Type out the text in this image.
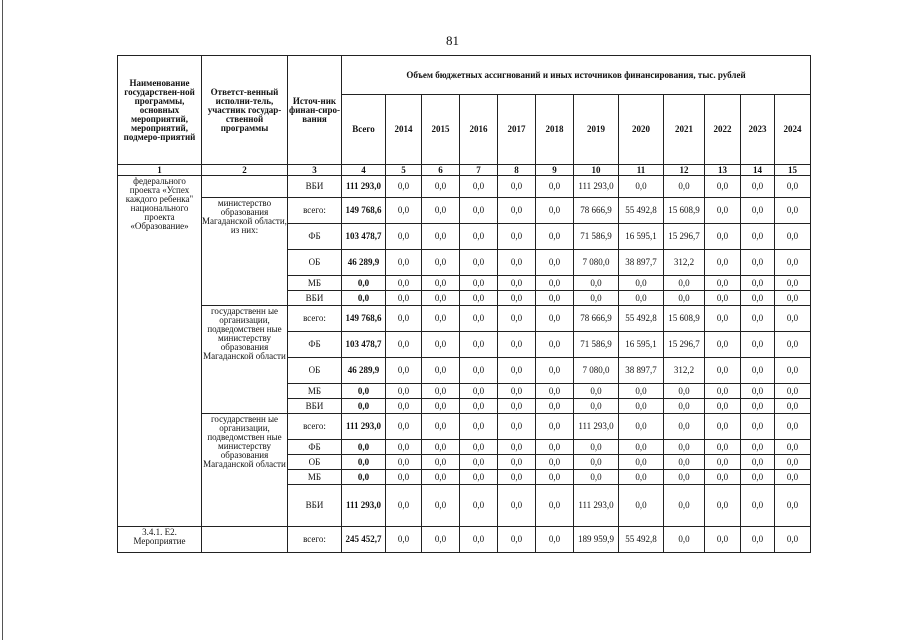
81
Наименование государствен-ной программы, основных мероприятий, мероприятий, подмеро-приятий	Ответст-венный исполни-тель, участник государ-ственной программы	Источ-ник финан-сиро-вания	Объем бюджетных ассигнований и иных источников финансирования, тыс. рублей											
			Всего	2014	2015	2016	2017	2018	2019	2020	2021	2022	2023	2024
1	2	3	4	5	6	7	8	9	10	11	12	13	14	15
федерального проекта «Успех каждого ребенка" национального проекта «Образование»		ВБИ	111 293,0	0,0	0,0	0,0	0,0	0,0	111 293,0	0,0	0,0	0,0	0,0	0,0
	министерство образования Магаданской области, из них:	всего:	149 768,6	0,0	0,0	0,0	0,0	0,0	78 666,9	55 492,8	15 608,9	0,0	0,0	0,0
		ФБ	103 478,7	0,0	0,0	0,0	0,0	0,0	71 586,9	16 595,1	15 296,7	0,0	0,0	0,0
		ОБ	46 289,9	0,0	0,0	0,0	0,0	0,0	7 080,0	38 897,7	312,2	0,0	0,0	0,0
		МБ	0,0	0,0	0,0	0,0	0,0	0,0	0,0	0,0	0,0	0,0	0,0	0,0
		ВБИ	0,0	0,0	0,0	0,0	0,0	0,0	0,0	0,0	0,0	0,0	0,0	0,0
	государственн ые организации, подведомствен ные министерству образования Магаданской области	всего:	149 768,6	0,0	0,0	0,0	0,0	0,0	78 666,9	55 492,8	15 608,9	0,0	0,0	0,0
		ФБ	103 478,7	0,0	0,0	0,0	0,0	0,0	71 586,9	16 595,1	15 296,7	0,0	0,0	0,0
		ОБ	46 289,9	0,0	0,0	0,0	0,0	0,0	7 080,0	38 897,7	312,2	0,0	0,0	0,0
		МБ	0,0	0,0	0,0	0,0	0,0	0,0	0,0	0,0	0,0	0,0	0,0	0,0
		ВБИ	0,0	0,0	0,0	0,0	0,0	0,0	0,0	0,0	0,0	0,0	0,0	0,0
	государственн ые организации, подведомствен ные министерству образования Магаданской области	всего:	111 293,0	0,0	0,0	0,0	0,0	0,0	111 293,0	0,0	0,0	0,0	0,0	0,0
		ФБ	0,0	0,0	0,0	0,0	0,0	0,0	0,0	0,0	0,0	0,0	0,0	0,0
		ОБ	0,0	0,0	0,0	0,0	0,0	0,0	0,0	0,0	0,0	0,0	0,0	0,0
		МБ	0,0	0,0	0,0	0,0	0,0	0,0	0,0	0,0	0,0	0,0	0,0	0,0
		ВБИ	111 293,0	0,0	0,0	0,0	0,0	0,0	111 293,0	0,0	0,0	0,0	0,0	0,0
3.4.1. Е2. Мероприятие		всего:	245 452,7	0,0	0,0	0,0	0,0	0,0	189 959,9	55 492,8	0,0	0,0	0,0	0,0
